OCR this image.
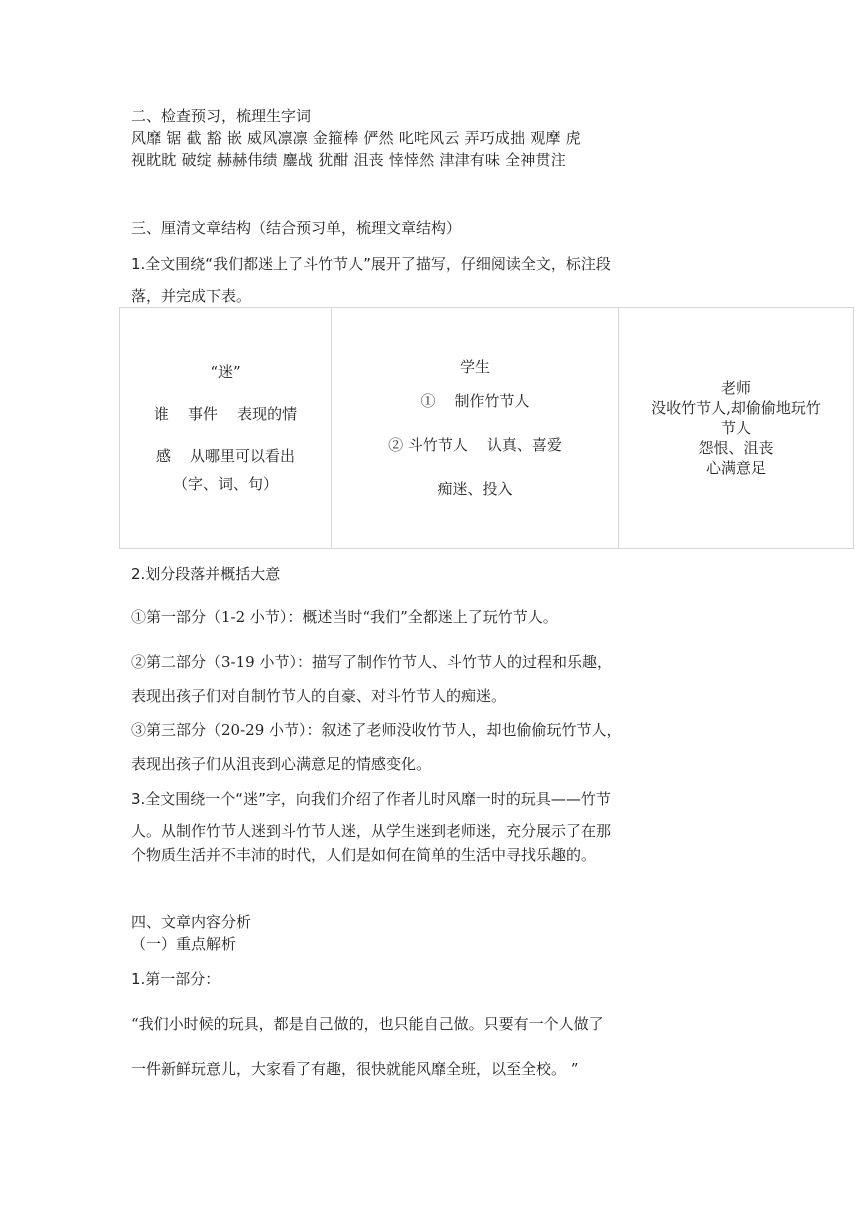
二、检查预习，梳理生字词
风靡 锯 截 豁 嵌 威风凛凛 金箍棒 俨然 叱咤风云 弄巧成拙 观摩 虎
视眈眈 破绽 赫赫伟绩 鏖战 犹酣 沮丧 悻悻然 津津有味 全神贯注
三、厘清文章结构（结合预习单，梳理文章结构）
1.全文围绕“我们都迷上了斗竹节人”展开了描写，仔细阅读全文，标注段
落，并完成下表。
“迷”
谁    事件    表现的情
感    从哪里可以看出
（字、词、句）

学生
①    制作竹节人
② 斗竹节人    认真、喜爱
痴迷、投入

老师
没收竹节人,却偷偷地玩竹
节人
怨恨、沮丧
心满意足
2.划分段落并概括大意
①第一部分（1-2 小节）：概述当时“我们”全都迷上了玩竹节人。
②第二部分（3-19 小节）：描写了制作竹节人、斗竹节人的过程和乐趣，
表现出孩子们对自制竹节人的自豪、对斗竹节人的痴迷。
③第三部分（20-29 小节）：叙述了老师没收竹节人，却也偷偷玩竹节人，
表现出孩子们从沮丧到心满意足的情感变化。
3.全文围绕一个“迷”字，向我们介绍了作者儿时风靡一时的玩具——竹节
人。从制作竹节人迷到斗竹节人迷，从学生迷到老师迷，充分展示了在那
个物质生活并不丰沛的时代，人们是如何在简单的生活中寻找乐趣的。
四、文章内容分析
（一）重点解析
1.第一部分：
“我们小时候的玩具，都是自己做的，也只能自己做。只要有一个人做了
一件新鲜玩意儿，大家看了有趣，很快就能风靡全班，以至全校。 ”
